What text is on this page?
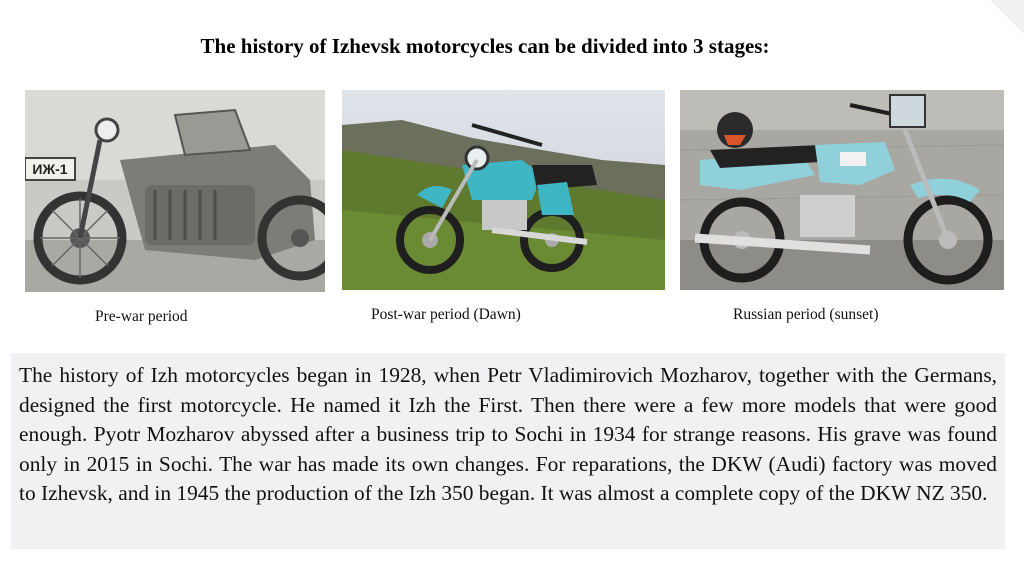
The history of Izhevsk motorcycles can be divided into 3 stages:
ИЖ-1
Pre-war period	Post-war period (Dawn)	Russian period (sunset)
The history of Izh motorcycles began in 1928, when Petr Vladimirovich Mozharov, together with the Germans, designed the first motorcycle. He named it Izh the First. Then there were a few more models that were good enough. Pyotr Mozharov abyssed after a business trip to Sochi in 1934 for strange reasons. His grave was found only in 2015 in Sochi. The war has made its own changes. For reparations, the DKW (Audi) factory was moved to Izhevsk, and in 1945 the production of the Izh 350 began. It was almost a complete copy of the DKW NZ 350.
